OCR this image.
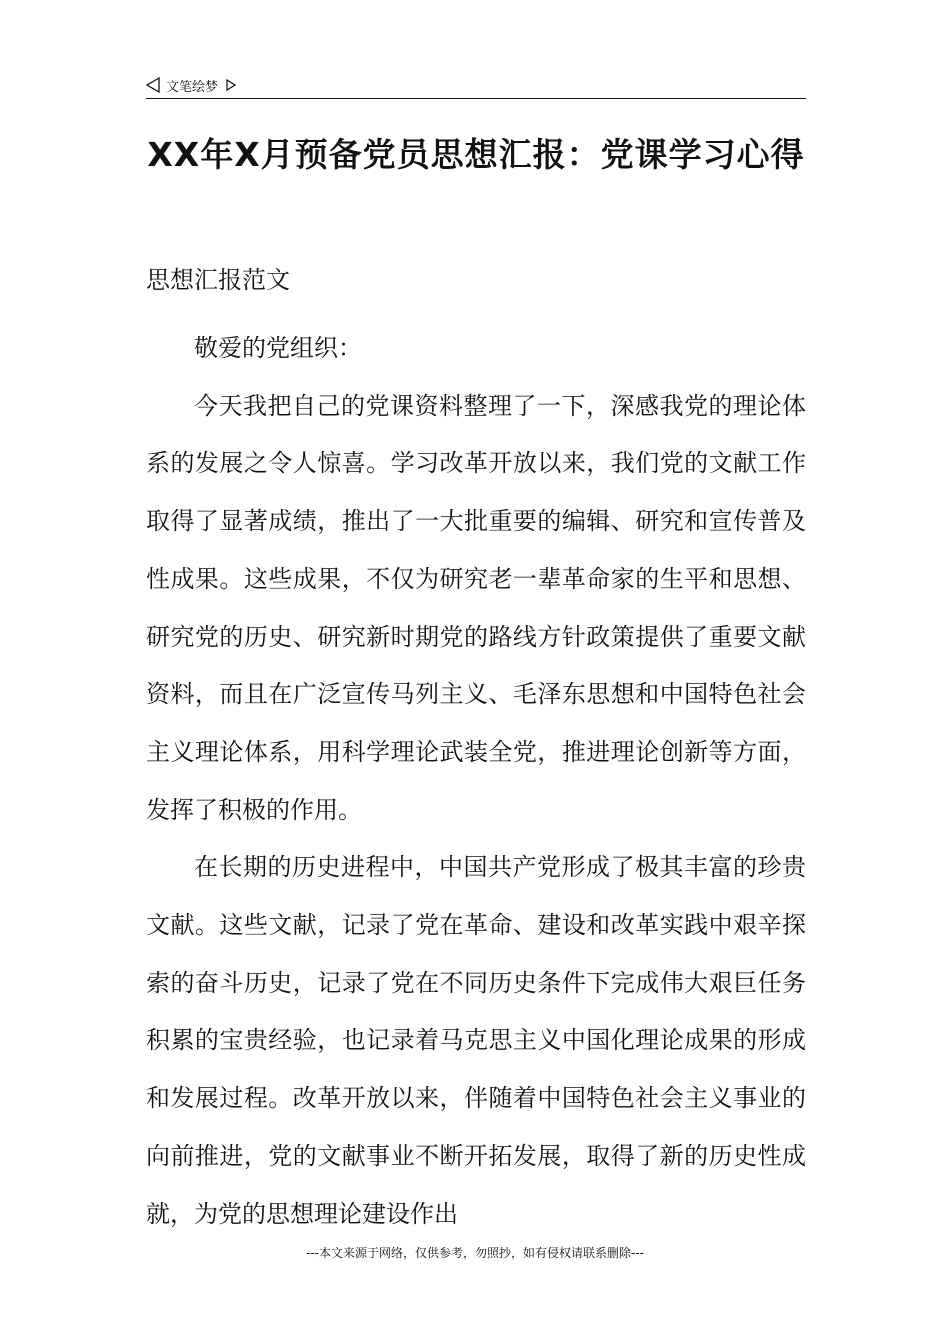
文笔绘梦
XX年X月预备党员思想汇报：党课学习心得
思想汇报范文

敬爱的党组织：

今天我把自己的党课资料整理了一下，深感我党的理论体系的发展之令人惊喜。学习改革开放以来，我们党的文献工作取得了显著成绩，推出了一大批重要的编辑、研究和宣传普及性成果。这些成果，不仅为研究老一辈革命家的生平和思想、研究党的历史、研究新时期党的路线方针政策提供了重要文献资料，而且在广泛宣传马列主义、毛泽东思想和中国特色社会主义理论体系，用科学理论武装全党，推进理论创新等方面，发挥了积极的作用。

在长期的历史进程中，中国共产党形成了极其丰富的珍贵文献。这些文献，记录了党在革命、建设和改革实践中艰辛探索的奋斗历史，记录了党在不同历史条件下完成伟大艰巨任务积累的宝贵经验，也记录着马克思主义中国化理论成果的形成和发展过程。改革开放以来，伴随着中国特色社会主义事业的向前推进，党的文献事业不断开拓发展，取得了新的历史性成就，为党的思想理论建设作出

---本文来源于网络，仅供参考，勿照抄，如有侵权请联系删除---
